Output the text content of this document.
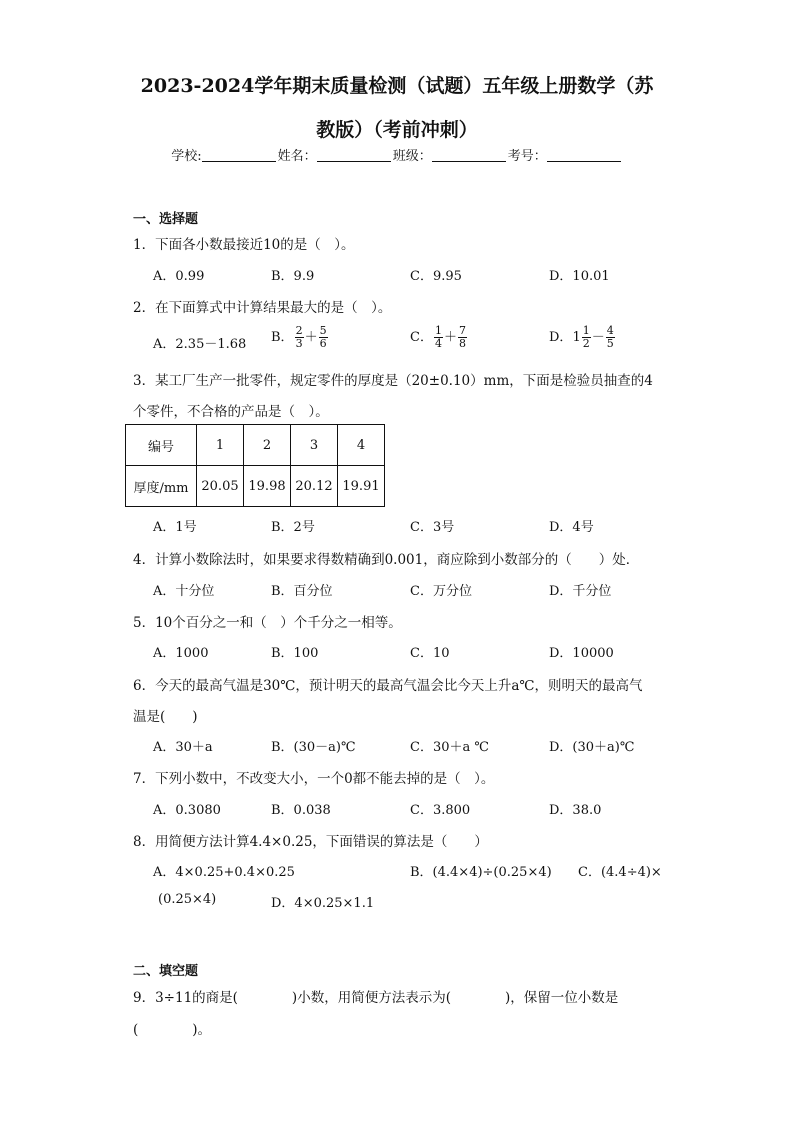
2023-2024学年期末质量检测（试题）五年级上册数学（苏
教版）（考前冲刺）
学校:	姓名：	班级：	考号：
一、选择题
1．下面各小数最接近10的是（　）。
A．0.99	B．9.9	C．9.95	D．10.01
2．在下面算式中计算结果最大的是（　）。
A．2.35－1.68 B． $\frac{2}{3} + \frac{5}{6}$	C． $\frac{1}{4} + \frac{7}{8}$	D．$1 \frac{1}{2} - \frac{4}{5}$
3．某工厂生产一批零件，规定零件的厚度是（20±0.10）mm，下面是检验员抽查的4
个零件，不合格的产品是（　）。
编号	1	2	3	4
厚度/mm	20.05	19.98	20.12	19.91
A．1号	B．2号	C．3号	D．4号
4．计算小数除法时，如果要求得数精确到0.001，商应除到小数部分的（　　）处．
A．十分位	B．百分位	C．万分位	D．千分位
5．10个百分之一和（　）个千分之一相等。
A．1000	B．100	C．10	D．10000
6．今天的最高气温是30℃，预计明天的最高气温会比今天上升a℃，则明天的最高气
温是(　　)
A．30＋a	B．(30－a)℃	C．30＋a ℃	D．(30＋a)℃
7．下列小数中，不改变大小，一个0都不能去掉的是（　）。
A．0.3080	B．0.038	C．3.800	D．38.0
8．用简便方法计算4.4×0.25，下面错误的算法是（　　）
A．4×0.25+0.4×0.25	B．(4.4×4)÷(0.25×4) C．(4.4÷4)×
(0.25×4)	D．4×0.25×1.1
二、填空题
9．3÷11的商是(　　　　)小数，用简便方法表示为(　　　　)，保留一位小数是
(　　　　)。
